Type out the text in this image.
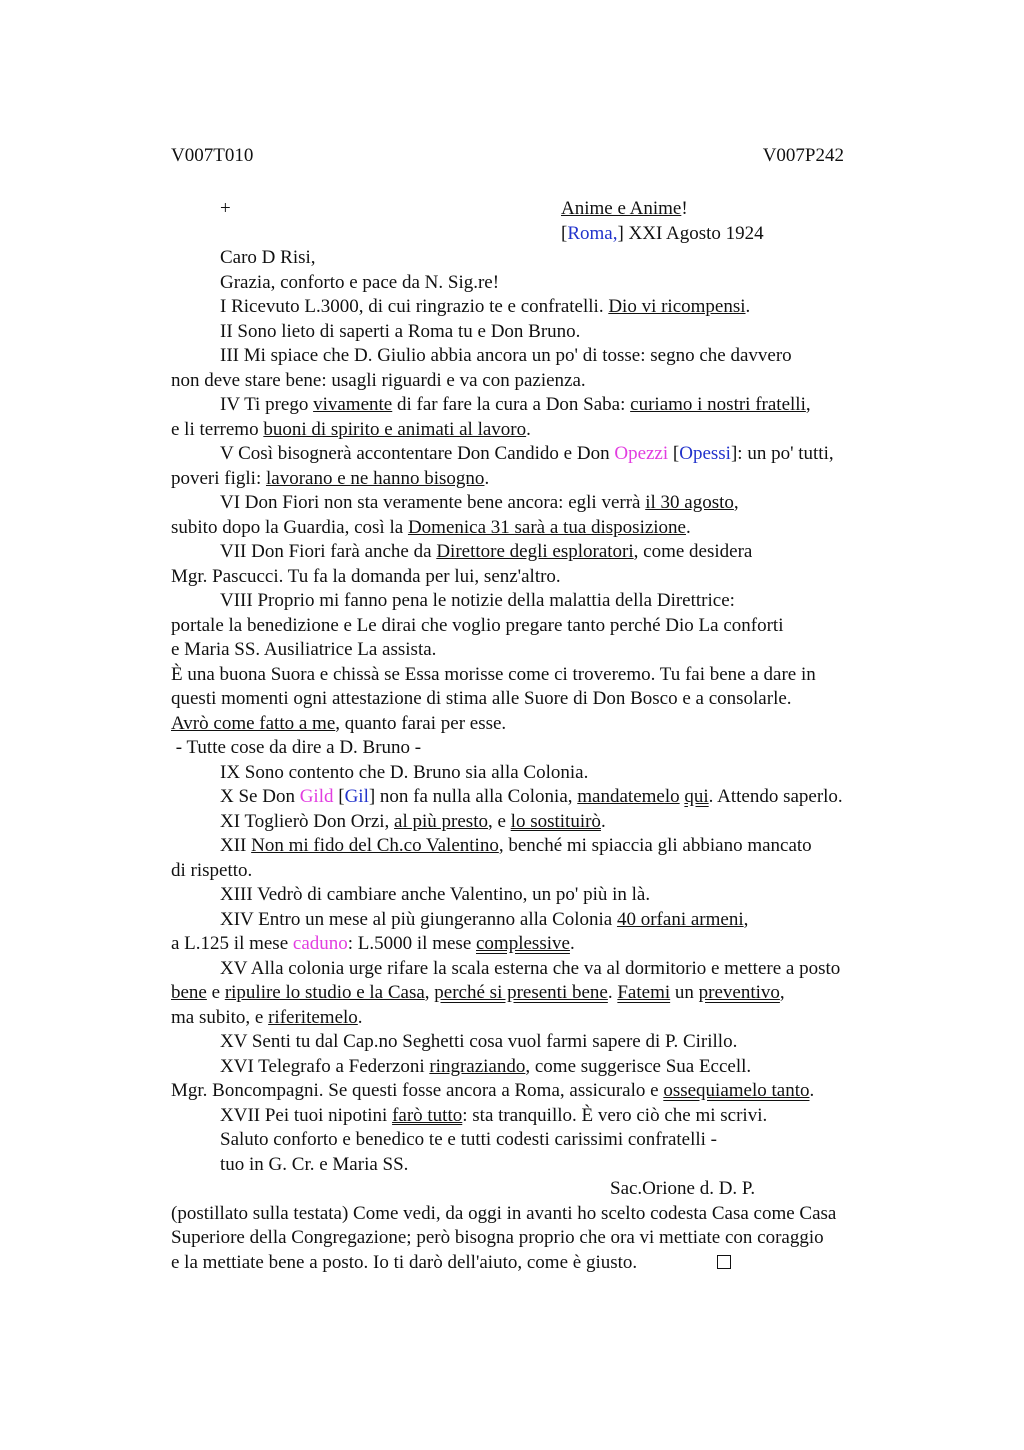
V007T010	V007P242
+	Anime e Anime!
[Roma,] XXI Agosto 1924
Caro D Risi,
Grazia, conforto e pace da N. Sig.re!
I Ricevuto L.3000, di cui ringrazio te e confratelli. Dio vi ricompensi.
II Sono lieto di saperti a Roma tu e Don Bruno.
III Mi spiace che D. Giulio abbia ancora un po' di tosse: segno che davvero
non deve stare bene: usagli riguardi e va con pazienza.
IV Ti prego vivamente di far fare la cura a Don Saba: curiamo i nostri fratelli,
e li terremo buoni di spirito e animati al lavoro.
V Così bisognerà accontentare Don Candido e Don Opezzi [Opessi]: un po' tutti,
poveri figli: lavorano e ne hanno bisogno.
VI Don Fiori non sta veramente bene ancora: egli verrà il 30 agosto,
subito dopo la Guardia, così la Domenica 31 sarà a tua disposizione.
VII Don Fiori farà anche da Direttore degli esploratori, come desidera
Mgr. Pascucci. Tu fa la domanda per lui, senz'altro.
VIII Proprio mi fanno pena le notizie della malattia della Direttrice:
portale la benedizione e Le dirai che voglio pregare tanto perché Dio La conforti
e Maria SS. Ausiliatrice La assista.
È una buona Suora e chissà se Essa morisse come ci troveremo. Tu fai bene a dare in
questi momenti ogni attestazione di stima alle Suore di Don Bosco e a consolarle.
Avrò come fatto a me, quanto farai per esse.
- Tutte cose da dire a D. Bruno -
IX Sono contento che D. Bruno sia alla Colonia.
X Se Don Gild [Gil] non fa nulla alla Colonia, mandatemelo qui. Attendo saperlo.
XI Toglierò Don Orzi, al più presto, e lo sostituirò.
XII Non mi fido del Ch.co Valentino, benché mi spiaccia gli abbiano mancato
di rispetto.
XIII Vedrò di cambiare anche Valentino, un po' più in là.
XIV Entro un mese al più giungeranno alla Colonia 40 orfani armeni,
a L.125 il mese caduno: L.5000 il mese complessive.
XV Alla colonia urge rifare la scala esterna che va al dormitorio e mettere a posto
bene e ripulire lo studio e la Casa, perché si presenti bene. Fatemi un preventivo,
ma subito, e riferitemelo.
XV Senti tu dal Cap.no Seghetti cosa vuol farmi sapere di P. Cirillo.
XVI Telegrafo a Federzoni ringraziando, come suggerisce Sua Eccell.
Mgr. Boncompagni. Se questi fosse ancora a Roma, assicuralo e ossequiamelo tanto.
XVII Pei tuoi nipotini farò tutto: sta tranquillo. È vero ciò che mi scrivi.
Saluto conforto e benedico te e tutti codesti carissimi confratelli -
tuo in G. Cr. e Maria SS.
Sac.Orione d. D. P.
(postillato sulla testata) Come vedi, da oggi in avanti ho scelto codesta Casa come Casa
Superiore della Congregazione; però bisogna proprio che ora vi mettiate con coraggio
e la mettiate bene a posto. Io ti darò dell'aiuto, come è giusto.
